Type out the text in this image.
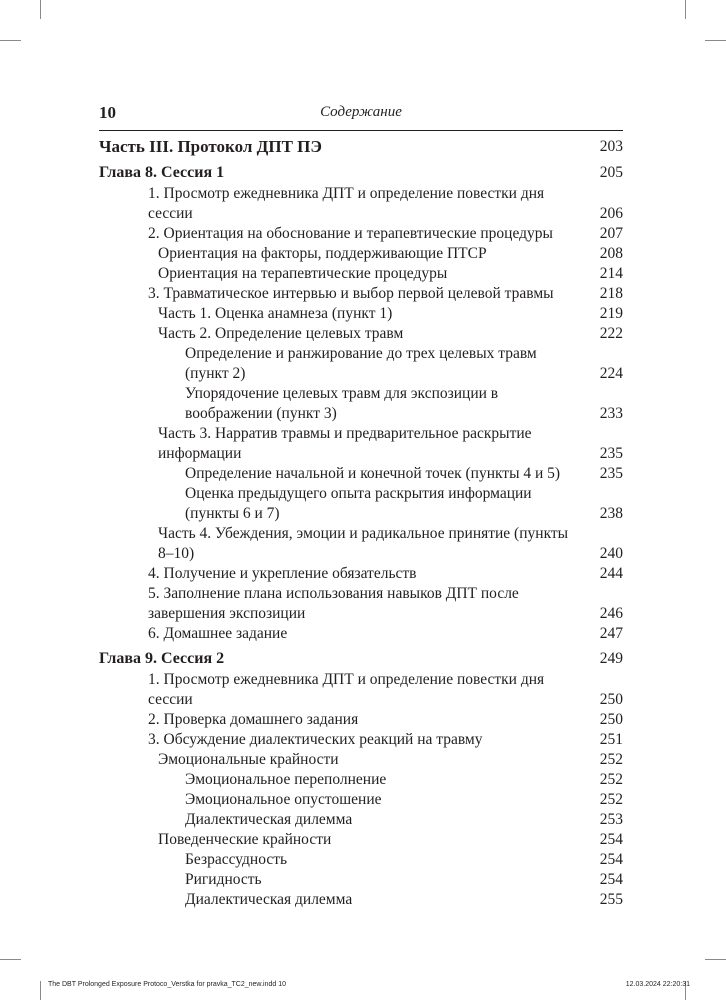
10	Содержание
Часть III. Протокол ДПТ ПЭ	203
Глава 8. Сессия 1	205
1. Просмотр ежедневника ДПТ и определение повестки дня сессии	206
2. Ориентация на обоснование и терапевтические процедуры	207
Ориентация на факторы, поддерживающие ПТСР	208
Ориентация на терапевтические процедуры	214
3. Травматическое интервью и выбор первой целевой травмы	218
Часть 1. Оценка анамнеза (пункт 1)	219
Часть 2. Определение целевых травм	222
Определение и ранжирование до трех целевых травм (пункт 2)	224
Упорядочение целевых травм для экспозиции в воображении (пункт 3)	233
Часть 3. Нарратив травмы и предварительное раскрытие информации	235
Определение начальной и конечной точек (пункты 4 и 5)	235
Оценка предыдущего опыта раскрытия информации (пункты 6 и 7)	238
Часть 4. Убеждения, эмоции и радикальное принятие (пункты 8–10)	240
4. Получение и укрепление обязательств	244
5. Заполнение плана использования навыков ДПТ после завершения экспозиции	246
6. Домашнее задание	247
Глава 9. Сессия 2	249
1. Просмотр ежедневника ДПТ и определение повестки дня сессии	250
2. Проверка домашнего задания	250
3. Обсуждение диалектических реакций на травму	251
Эмоциональные крайности	252
Эмоциональное переполнение	252
Эмоциональное опустошение	252
Диалектическая дилемма	253
Поведенческие крайности	254
Безрассудность	254
Ригидность	254
Диалектическая дилемма	255
The DBT Prolonged Exposure Protoco_Verstka for pravka_TC2_new.indd 10	12.03.2024 22:20:31
